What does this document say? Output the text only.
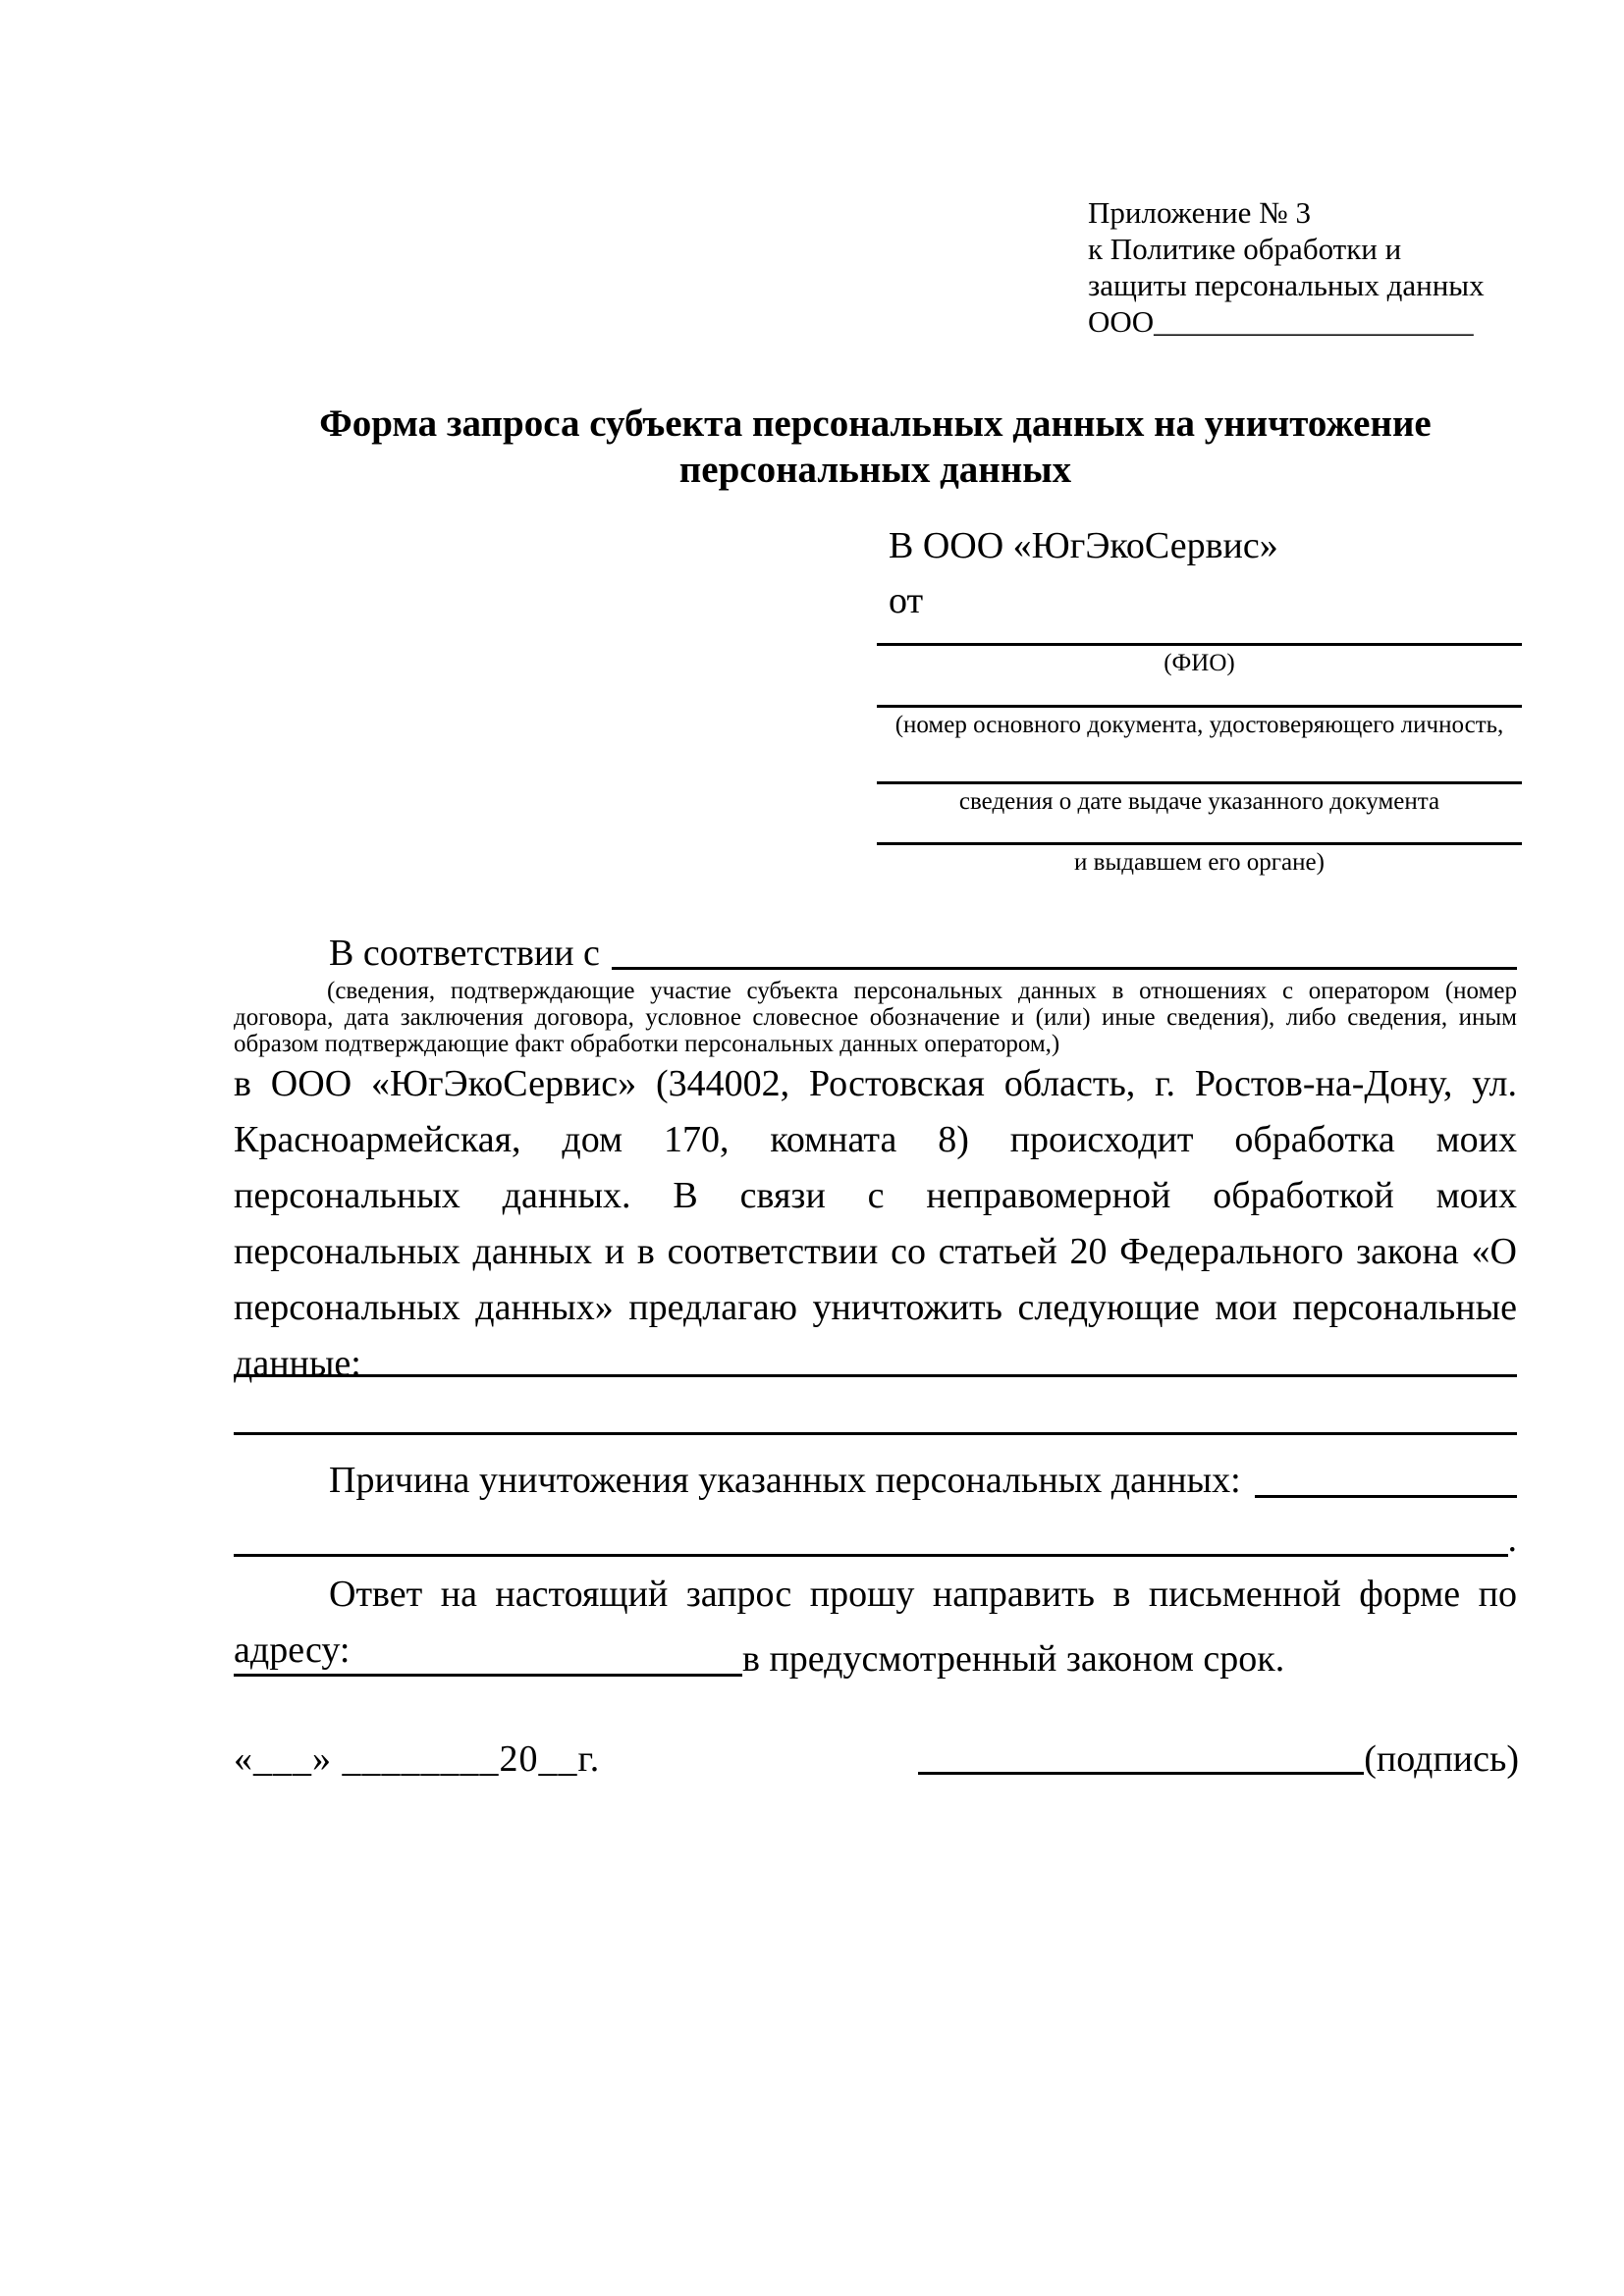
Приложение № 3
к Политике обработки и
защиты персональных данных
ООО_____________________
Форма запроса субъекта персональных данных на уничтожение персональных данных
В ООО «ЮгЭкоСервис»
от
(ФИО)
(номер основного документа, удостоверяющего личность,
сведения о дате выдаче указанного документа
и выдавшем его органе)
В соответствии с
(сведения, подтверждающие участие субъекта персональных данных в отношениях с оператором (номер договора, дата заключения договора, условное словесное обозначение и (или) иные сведения), либо сведения, иным образом подтверждающие факт обработки персональных данных оператором,)
в ООО «ЮгЭкоСервис» (344002, Ростовская область, г. Ростов-на-Дону, ул. Красноармейская, дом 170, комната 8) происходит обработка моих персональных данных. В связи с неправомерной обработкой моих персональных данных и в соответствии со статьей 20 Федерального закона «О персональных данных» предлагаю уничтожить следующие мои персональные данные:
Причина уничтожения указанных персональных данных:
.
Ответ на настоящий запрос прошу направить в письменной форме по адресу:	в предусмотренный законом срок.
«___» ________20__г.	(подпись)
